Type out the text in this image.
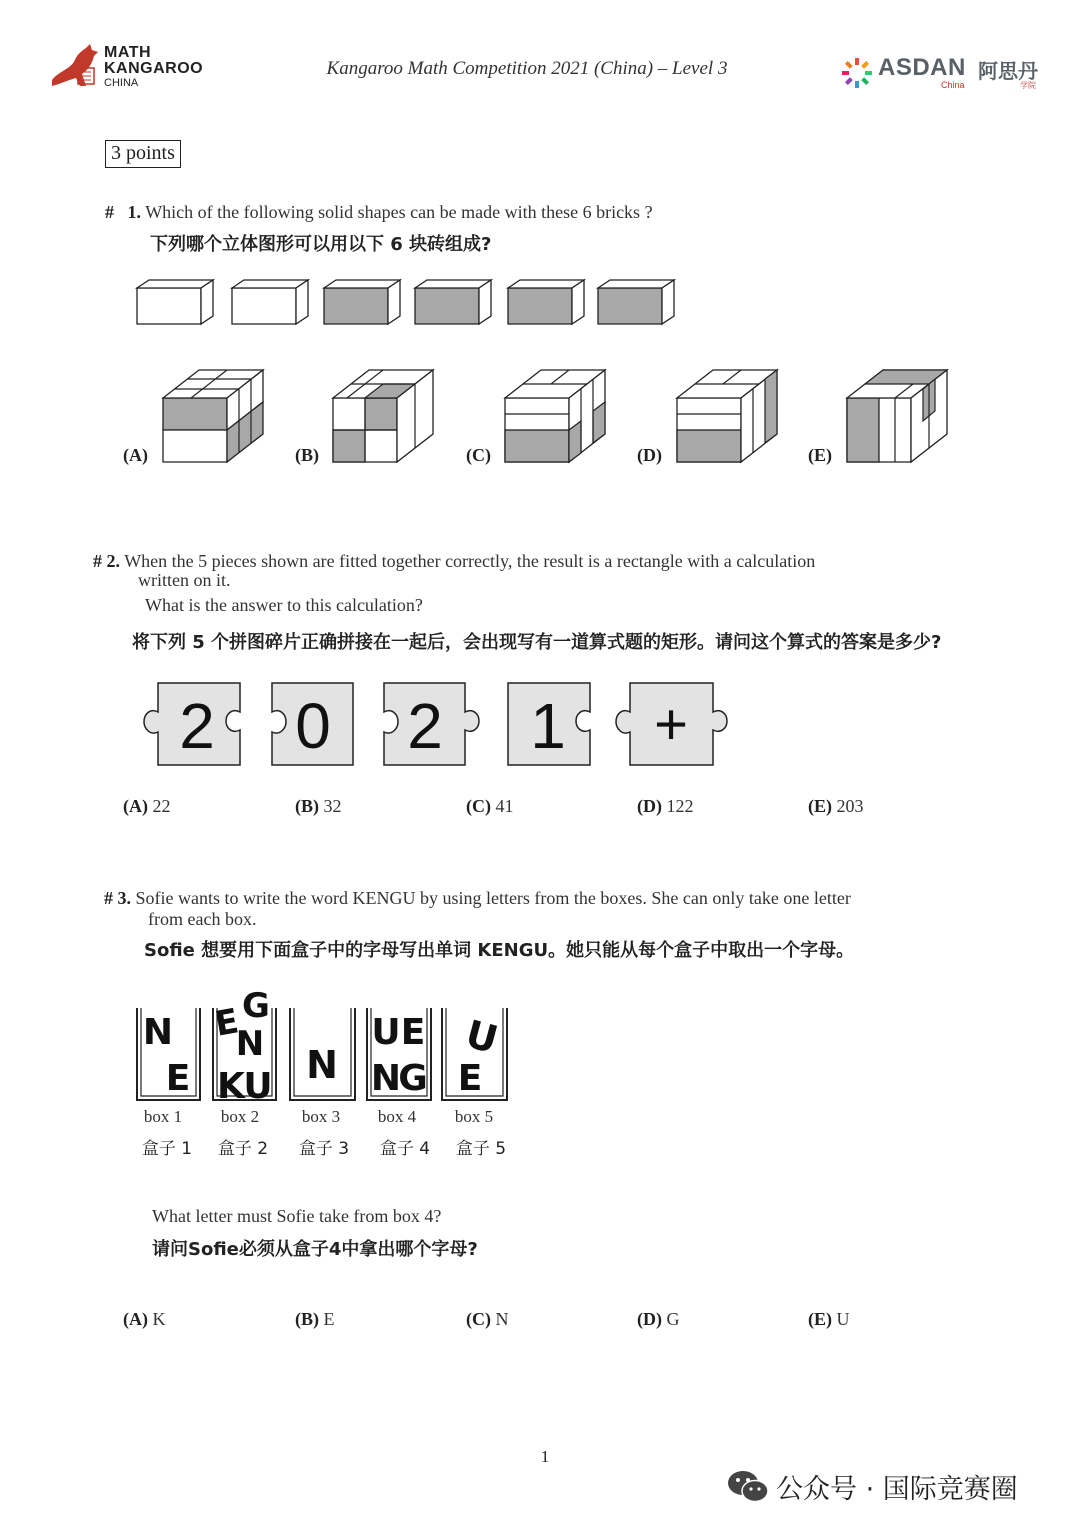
MATH
KANGAROO
CHINA
Kangaroo Math Competition 2021 (China) – Level 3	ASDAN 阿思丹
China	学院
3 points
# 1. Which of the following solid shapes can be made with these 6 bricks ?
下列哪个立体图形可以用以下 6 块砖组成?
(A)	(B)	(C)	(D)	(E)
# 2. When the 5 pieces shown are fitted together correctly, the result is a rectangle with a calculation
written on it.
What is the answer to this calculation?
将下列 5 个拼图碎片正确拼接在一起后，会出现写有一道算式题的矩形。请问这个算式的答案是多少?
2 0 2 1 +
(A) 22	(B) 32	(C) 41	(D) 122	(E) 203
# 3. Sofie wants to write the word KENGU by using letters from the boxes. She can only take one letter
from each box.
Sofie 想要用下面盒子中的字母写出单词 KENGU。她只能从每个盒子中取出一个字母。
N
E
E G
N
K
U N
U E
N
G
U
E
box 1	box 2	box 3	box 4	box 5
盒子 1	盒子 2	盒子 3	盒子 4	盒子 5
What letter must Sofie take from box 4?
请问Sofie必须从盒子4中拿出哪个字母?
(A) K	(B) E	(C) N	(D) G	(E) U
1
公众号 · 国际竞赛圈
